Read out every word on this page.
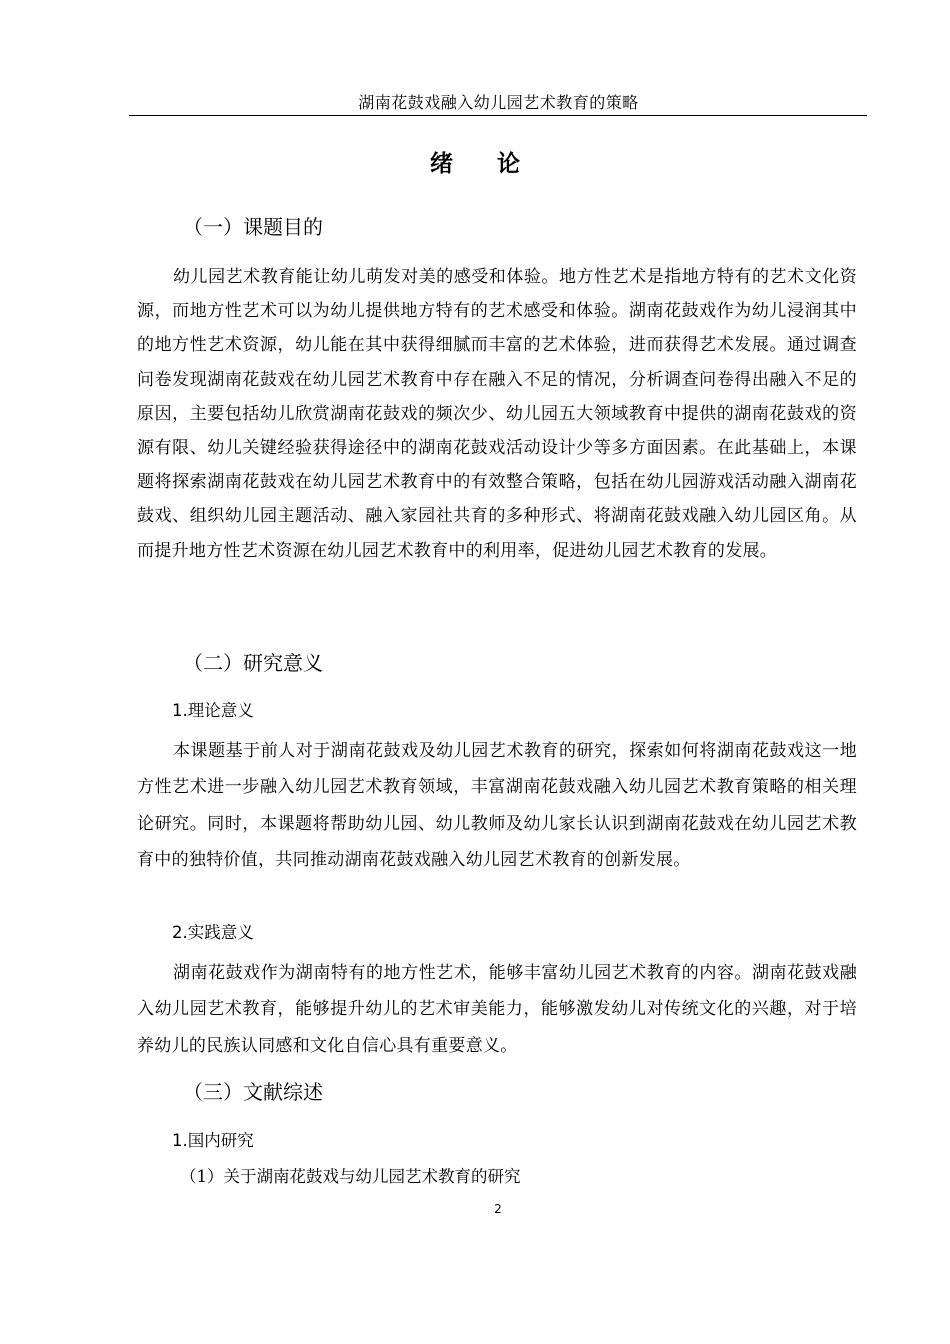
湖南花鼓戏融入幼儿园艺术教育的策略
绪 论
（一）课题目的

幼儿园艺术教育能让幼儿萌发对美的感受和体验。地方性艺术是指地方特有的艺术文化资源，而地方性艺术可以为幼儿提供地方特有的艺术感受和体验。湖南花鼓戏作为幼儿浸润其中的地方性艺术资源，幼儿能在其中获得细腻而丰富的艺术体验，进而获得艺术发展。通过调查问卷发现湖南花鼓戏在幼儿园艺术教育中存在融入不足的情况，分析调查问卷得出融入不足的原因，主要包括幼儿欣赏湖南花鼓戏的频次少、幼儿园五大领域教育中提供的湖南花鼓戏的资源有限、幼儿关键经验获得途径中的湖南花鼓戏活动设计少等多方面因素。在此基础上，本课题将探索湖南花鼓戏在幼儿园艺术教育中的有效整合策略，包括在幼儿园游戏活动融入湖南花鼓戏、组织幼儿园主题活动、融入家园社共育的多种形式、将湖南花鼓戏融入幼儿园区角。从而提升地方性艺术资源在幼儿园艺术教育中的利用率，促进幼儿园艺术教育的发展。

（二）研究意义
1.理论意义

本课题基于前人对于湖南花鼓戏及幼儿园艺术教育的研究，探索如何将湖南花鼓戏这一地方性艺术进一步融入幼儿园艺术教育领域，丰富湖南花鼓戏融入幼儿园艺术教育策略的相关理论研究。同时，本课题将帮助幼儿园、幼儿教师及幼儿家长认识到湖南花鼓戏在幼儿园艺术教育中的独特价值，共同推动湖南花鼓戏融入幼儿园艺术教育的创新发展。

2.实践意义

湖南花鼓戏作为湖南特有的地方性艺术，能够丰富幼儿园艺术教育的内容。湖南花鼓戏融入幼儿园艺术教育，能够提升幼儿的艺术审美能力，能够激发幼儿对传统文化的兴趣，对于培养幼儿的民族认同感和文化自信心具有重要意义。

（三）文献综述
1.国内研究
（1）关于湖南花鼓戏与幼儿园艺术教育的研究
2
